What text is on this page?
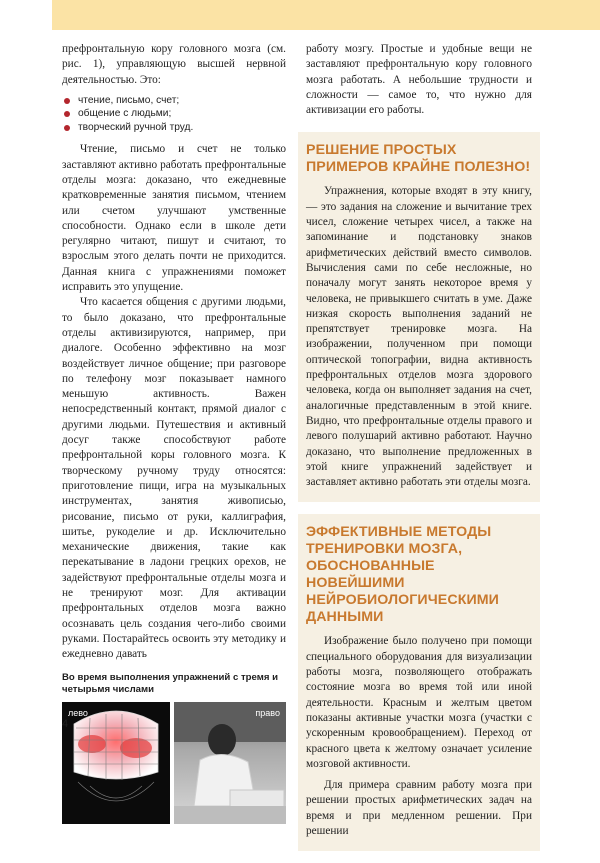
префронтальную кору головного мозга (см. рис. 1), управляющую высшей нервной деятельностью. Это:

чтение, письмо, счет;
общение с людьми;
творческий ручной труд.

Чтение, письмо и счет не только заставляют активно работать префронтальные отделы мозга: доказано, что ежедневные кратковременные занятия письмом, чтением или счетом улучшают умственные способности. Однако если в школе дети регулярно читают, пишут и считают, то взрослым этого делать почти не приходится. Данная книга с упражнениями поможет исправить это упущение.

Что касается общения с другими людьми, то было доказано, что префронтальные отделы активизируются, например, при диалоге. Особенно эффективно на мозг воздействует личное общение; при разговоре по телефону мозг показывает намного меньшую активность. Важен непосредственный контакт, прямой диалог с другими людьми. Путешествия и активный досуг также способствуют работе префронтальной коры головного мозга. К творческому ручному труду относятся: приготовление пищи, игра на музыкальных инструментах, занятия живописью, рисование, письмо от руки, каллиграфия, шитье, рукоделие и др. Исключительно механические движения, такие как перекатывание в ладони грецких орехов, не задействуют префронтальные отделы мозга и не тренируют мозг. Для активации префронтальных отделов мозга важно осознавать цель создания чего-либо своими руками. Постарайтесь освоить эту методику и ежедневно давать

Во время выполнения упражнений с тремя и четырьмя числами
лево	право

работу мозгу. Простые и удобные вещи не заставляют префронтальную кору головного мозга работать. А небольшие трудности и сложности — самое то, что нужно для активизации его работы.

РЕШЕНИЕ ПРОСТЫХ ПРИМЕРОВ КРАЙНЕ ПОЛЕЗНО!

Упражнения, которые входят в эту книгу, — это задания на сложение и вычитание трех чисел, сложение четырех чисел, а также на запоминание и подстановку знаков арифметических действий вместо символов. Вычисления сами по себе несложные, но поначалу могут занять некоторое время у человека, не привыкшего считать в уме. Даже низкая скорость выполнения заданий не препятствует тренировке мозга. На изображении, полученном при помощи оптической топографии, видна активность префронтальных отделов мозга здорового человека, когда он выполняет задания на счет, аналогичные представленным в этой книге. Видно, что префронтальные отделы правого и левого полушарий активно работают. Научно доказано, что выполнение предложенных в этой книге упражнений задействует и заставляет активно работать эти отделы мозга.

ЭФФЕКТИВНЫЕ МЕТОДЫ ТРЕНИРОВКИ МОЗГА, ОБОСНОВАННЫЕ НОВЕЙШИМИ НЕЙРОБИОЛОГИЧЕСКИМИ ДАННЫМИ

Изображение было получено при помощи специального оборудования для визуализации работы мозга, позволяющего отображать состояние мозга во время той или иной деятельности. Красным и желтым цветом показаны активные участки мозга (участки с ускоренным кровообращением). Переход от красного цвета к желтому означает усиление мозговой активности.

Для примера сравним работу мозга при решении простых арифметических задач на время и при медленном решении. При решении

4
